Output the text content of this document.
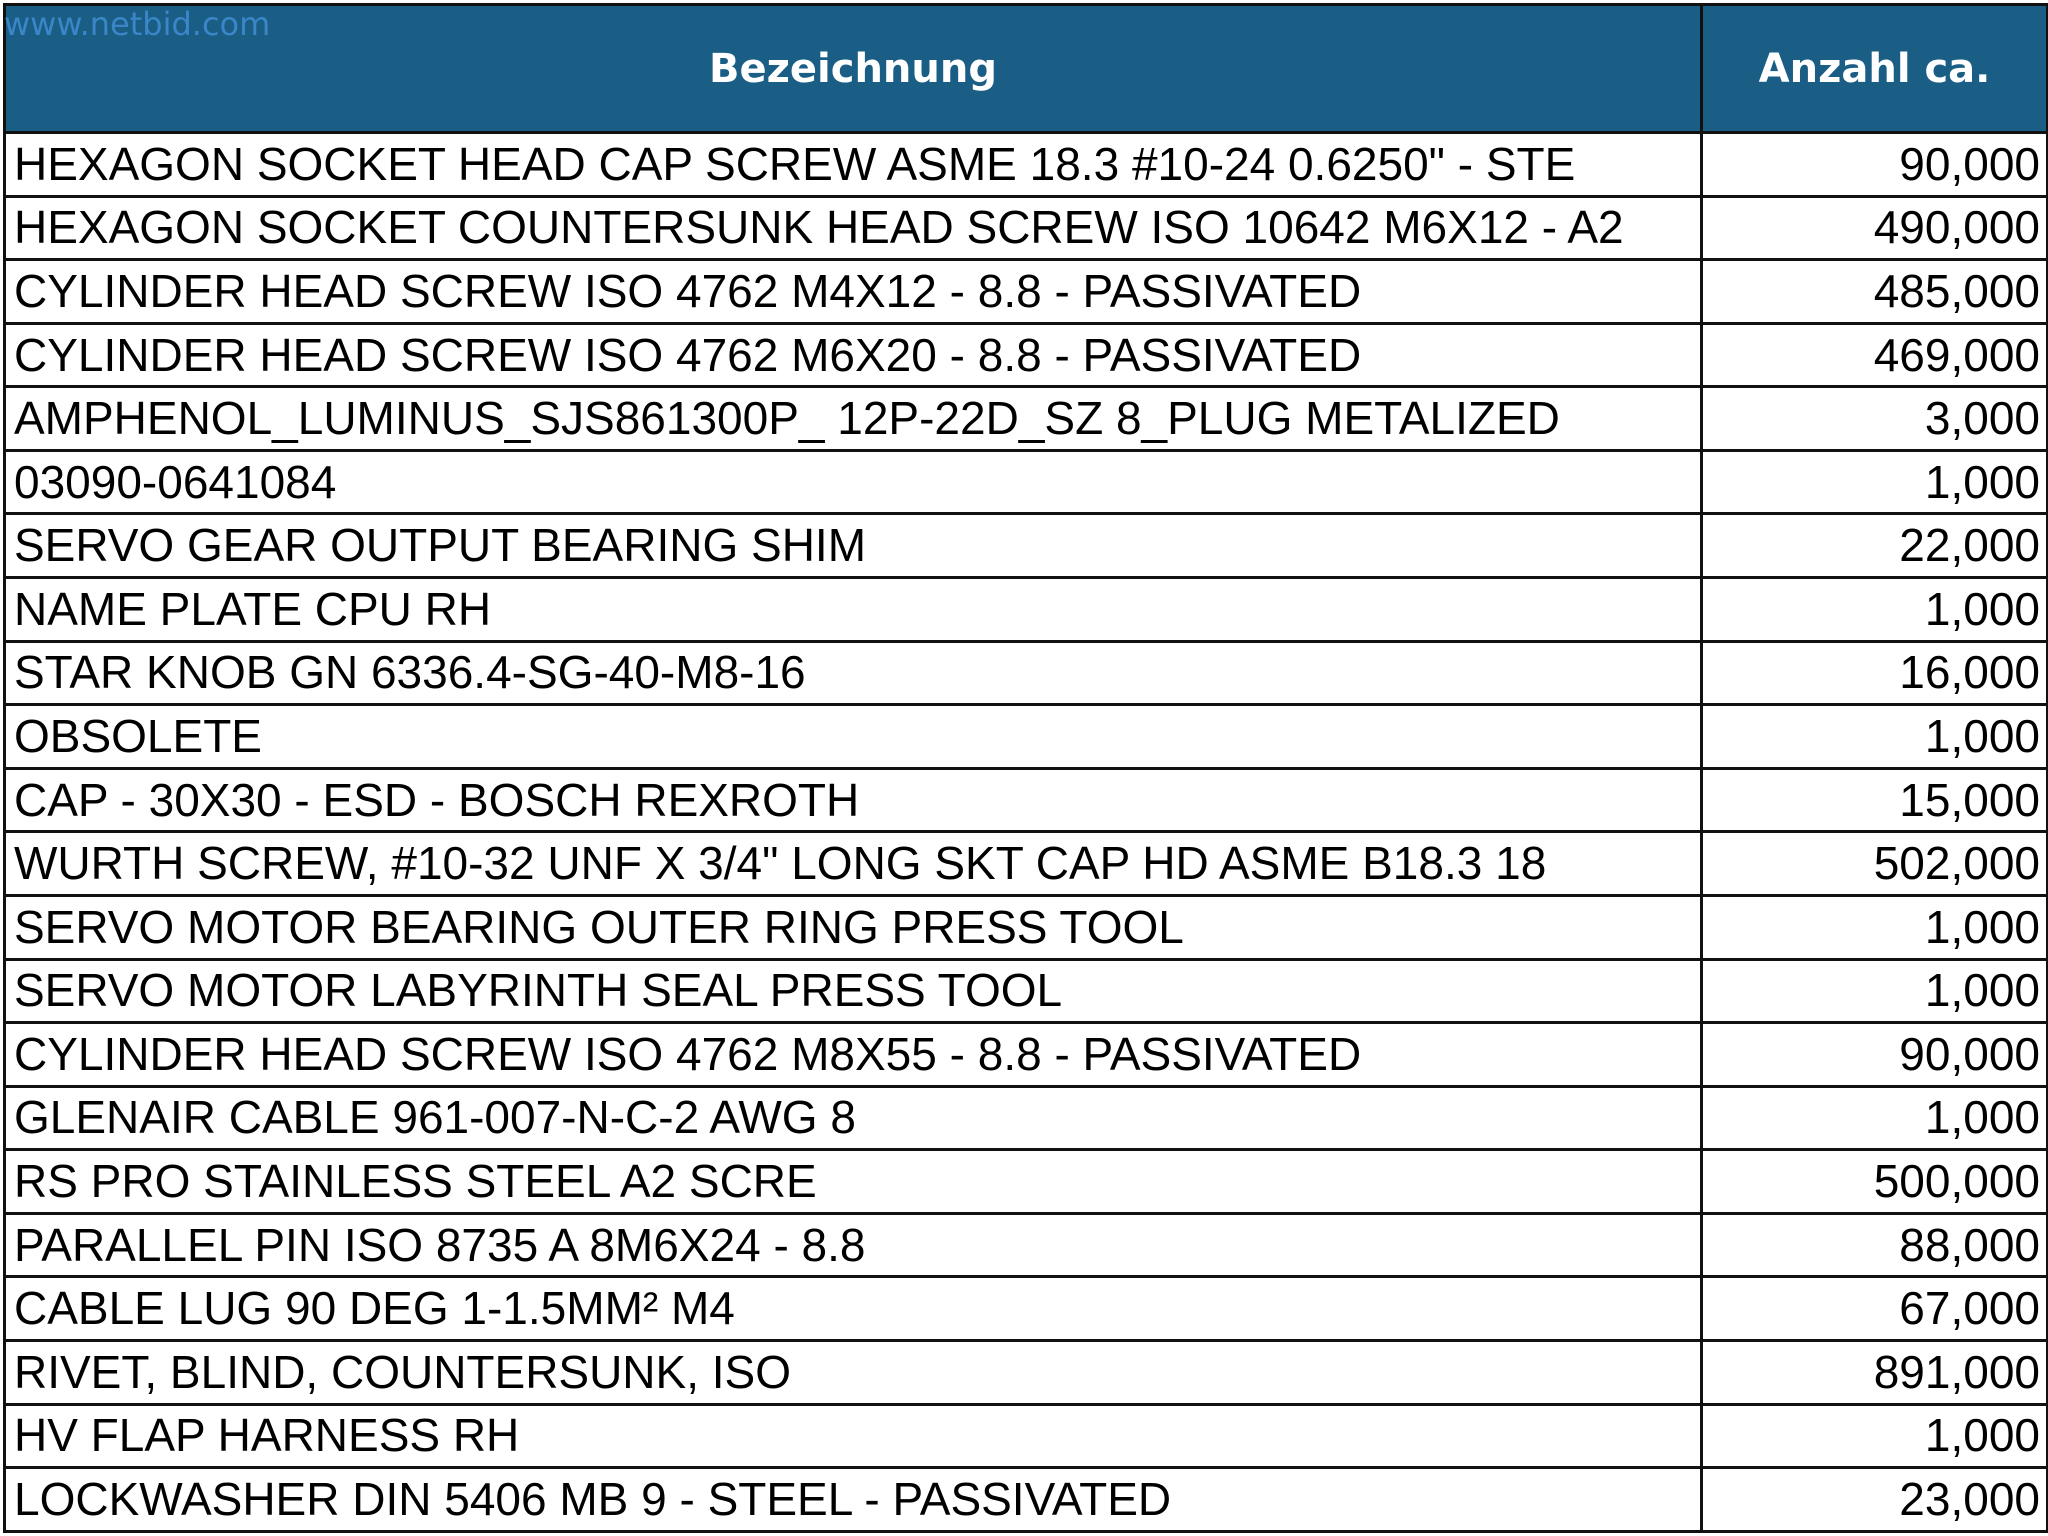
www.netbid.com
Bezeichnung	Anzahl ca.
HEXAGON SOCKET HEAD CAP SCREW ASME 18.3 #10-24 0.6250" - STE	90,000
HEXAGON SOCKET COUNTERSUNK HEAD SCREW ISO 10642 M6X12 - A2	490,000
CYLINDER HEAD SCREW ISO 4762 M4X12 - 8.8 - PASSIVATED	485,000
CYLINDER HEAD SCREW ISO 4762 M6X20 - 8.8 - PASSIVATED	469,000
AMPHENOL_LUMINUS_SJS861300P_ 12P-22D_SZ 8_PLUG METALIZED	3,000
03090-0641084	1,000
SERVO GEAR OUTPUT BEARING SHIM	22,000
NAME PLATE CPU RH	1,000
STAR KNOB GN 6336.4-SG-40-M8-16	16,000
OBSOLETE	1,000
CAP - 30X30 - ESD - BOSCH REXROTH	15,000
WURTH SCREW, #10-32 UNF X 3/4" LONG SKT CAP HD ASME B18.3 18	502,000
SERVO MOTOR BEARING OUTER RING PRESS TOOL	1,000
SERVO MOTOR LABYRINTH SEAL PRESS TOOL	1,000
CYLINDER HEAD SCREW ISO 4762 M8X55 - 8.8 - PASSIVATED	90,000
GLENAIR CABLE 961-007-N-C-2 AWG 8	1,000
RS PRO STAINLESS STEEL A2 SCRE	500,000
PARALLEL PIN ISO 8735 A 8M6X24 - 8.8	88,000
CABLE LUG 90 DEG 1-1.5MM² M4	67,000
RIVET, BLIND, COUNTERSUNK, ISO	891,000
HV FLAP HARNESS RH	1,000
LOCKWASHER DIN 5406 MB 9 - STEEL - PASSIVATED	23,000
